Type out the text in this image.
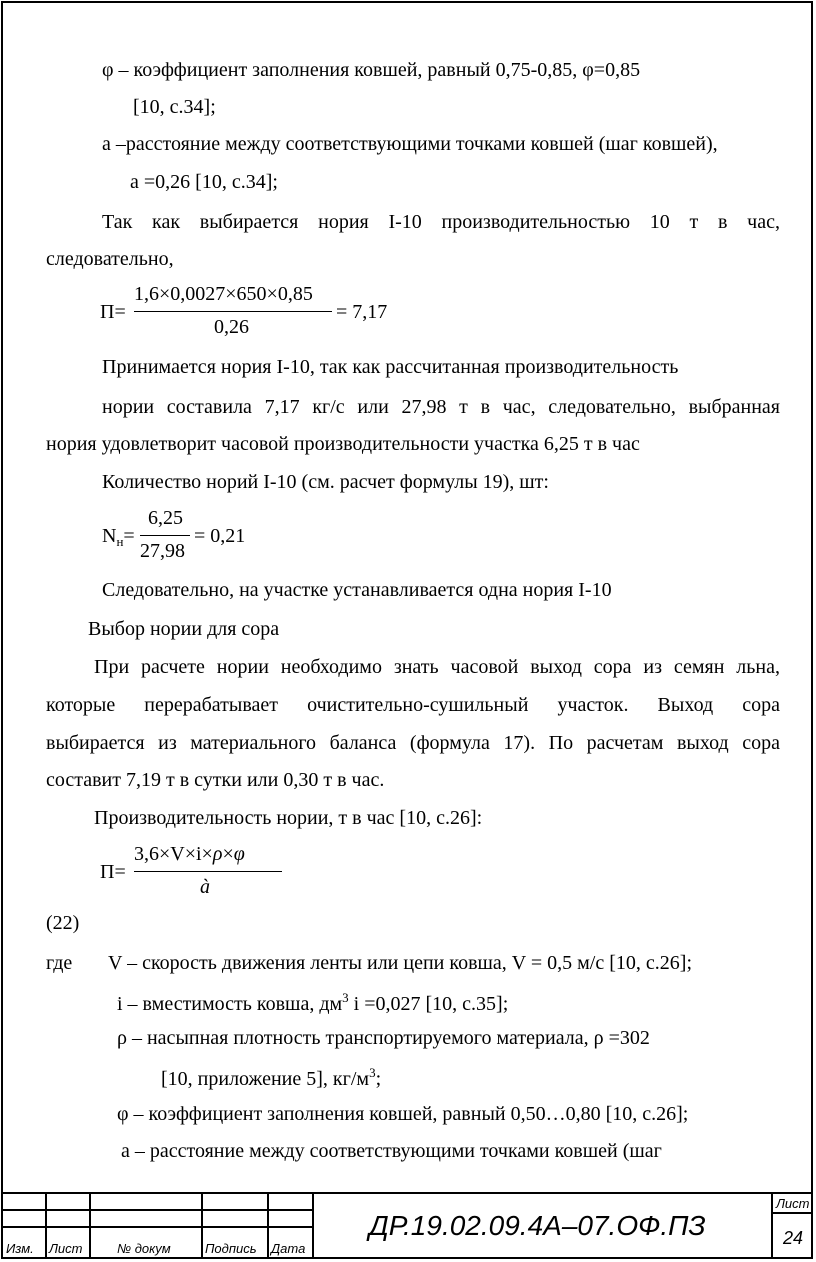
φ – коэффициент заполнения ковшей, равный 0,75-0,85, φ=0,85
[10, с.34];
а –расстояние между соответствующими точками ковшей (шаг ковшей),
а =0,26 [10, с.34];
Так как выбирается нория I-10 производительностью 10 т в час,
следовательно,
П=
1,6×0,0027×650×0,85
0,26
= 7,17
Принимается нория I-10, так как рассчитанная производительность
нории составила 7,17 кг/с или 27,98 т в час, следовательно, выбранная
нория удовлетворит часовой производительности участка 6,25 т в час
Количество норий I-10 (см. расчет формулы 19), шт:
$N_н=$
6,25
27,98
= 0,21
Следовательно, на участке устанавливается одна нория I-10
Выбор нории для сора
При расчете нории необходимо знать часовой выход сора из семян льна,
которые перерабатывает очистительно-сушильный участок. Выход сора
выбирается из материального баланса (формула 17). По расчетам выход сора
составит 7,19 т в сутки или 0,30 т в час.
Производительность нории, т в час [10, с.26]:
П=
3,6×V×i×ρ×φ
à
(22)
где V – скорость движения ленты или цепи ковша, V = 0,5 м/с [10, с.26];
i – вместимость ковша, $дм^3$ i =0,027 [10, с.35];
ρ – насыпная плотность транспортируемого материала, ρ =302
[10, приложение 5], $кг/м^3$;
φ – коэффициент заполнения ковшей, равный 0,50…0,80 [10, с.26];
а – расстояние между соответствующими точками ковшей (шаг
Изм. Лист	№ докум	Подпись Дата
ДР.19.02.09.4А–07.ОФ.ПЗ
Лист
24
